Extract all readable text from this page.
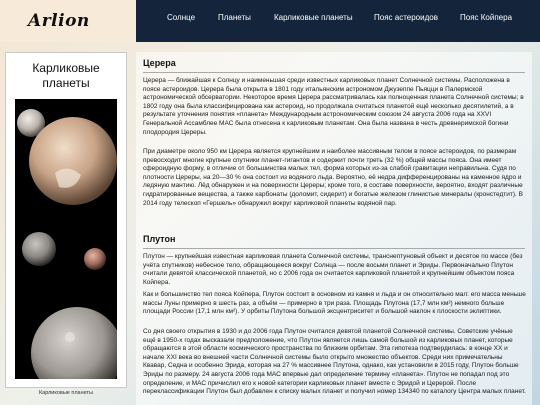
Arlion	Солнце	Планеты	Карликовые планеты	Пояс астероидов	Пояс Койпера
Карликовые
планеты
Карликовые планеты
Церера
Церера — ближайшая к Солнцу и наименьшая среди известных карликовых планет Солнечной системы. Расположена в поясе астероидов. Церера была открыта в 1801 году итальянским астрономом Джузеппе Пьяцци в Палермской астрономической обсерватории. Некоторое время Церера рассматривалась как полноценная планета Солнечной системы; в 1802 году она была классифицирована как астероид, но продолжала считаться планетой ещё несколько десятилетий, а в результате уточнения понятия «планета» Международным астрономическим союзом 24 августа 2006 года на XXVI Генеральной Ассамблее МАС была отнесена к карликовым планетам. Она была названа в честь древнеримской богини плодородия Цереры.
При диаметре около 950 км Церера является крупнейшим и наиболее массивным телом в поясе астероидов, по размерам превосходит многие крупные спутники планет-гигантов и содержит почти треть (32 %) общей массы пояса. Она имеет сфероидную форму, в отличие от большинства малых тел, форма которых из-за слабой гравитации неправильна. Судя по плотности Цереры, на 20—30 % она состоит из водяного льда. Вероятно, её недра дифференцированы на каменное ядро и ледяную мантию. Лёд обнаружен и на поверхности Цереры; кроме того, в составе поверхности, вероятно, входят различные гидратированные вещества, а также карбонаты (доломит, сидерит) и богатые железом глинистые минералы (кронстедтит). В 2014 году телескоп «Гершель» обнаружил вокруг карликовой планеты водяной пар.
Плутон
Плутон — крупнейшая известная карликовая планета Солнечной системы, транснептуновый объект и десятое по массе (без учёта спутников) небесное тело, обращающееся вокруг Солнца — после восьми планет и Эриды. Первоначально Плутон считали девятой классической планетой, но с 2006 года он считается карликовой планетой и крупнейшим объектом пояса Койпера.
Как и большинство тел пояса Койпера, Плутон состоит в основном из камня и льда и он относительно мал: его масса меньше массы Луны примерно в шесть раз, а объём — примерно в три раза. Площадь Плутона (17,7 млн км²) немного больше площади России (17,1 млн км²). У орбиты Плутона большой эксцентриситет и большой наклон к плоскости эклиптики.
Со дня своего открытия в 1930 и до 2006 года Плутон считался девятой планетой Солнечной системы. Советские учёные ещё в 1950-х годах высказали предположение, что Плутон является лишь самой большой из карликовых планет, которые обращаются в этой области космического пространства по близким орбитам. Эта гипотеза подтвердилась: в конце XX и начале XXI века во внешней части Солнечной системы было открыто множество объектов. Среди них примечательны Квавар, Седна и особенно Эрида, которая на 27 % массивнее Плутона, однако, как установили в 2015 году, Плутон больше Эриды по размеру. 24 августа 2006 года МАС впервые дал определение термину «планета». Плутон не попадал под это определение, и МАС причислил его к новой категории карликовых планет вместе с Эридой и Церерой. После переклассификации Плутон был добавлен к списку малых планет и получил номер 134340 по каталогу Центра малых планет.
